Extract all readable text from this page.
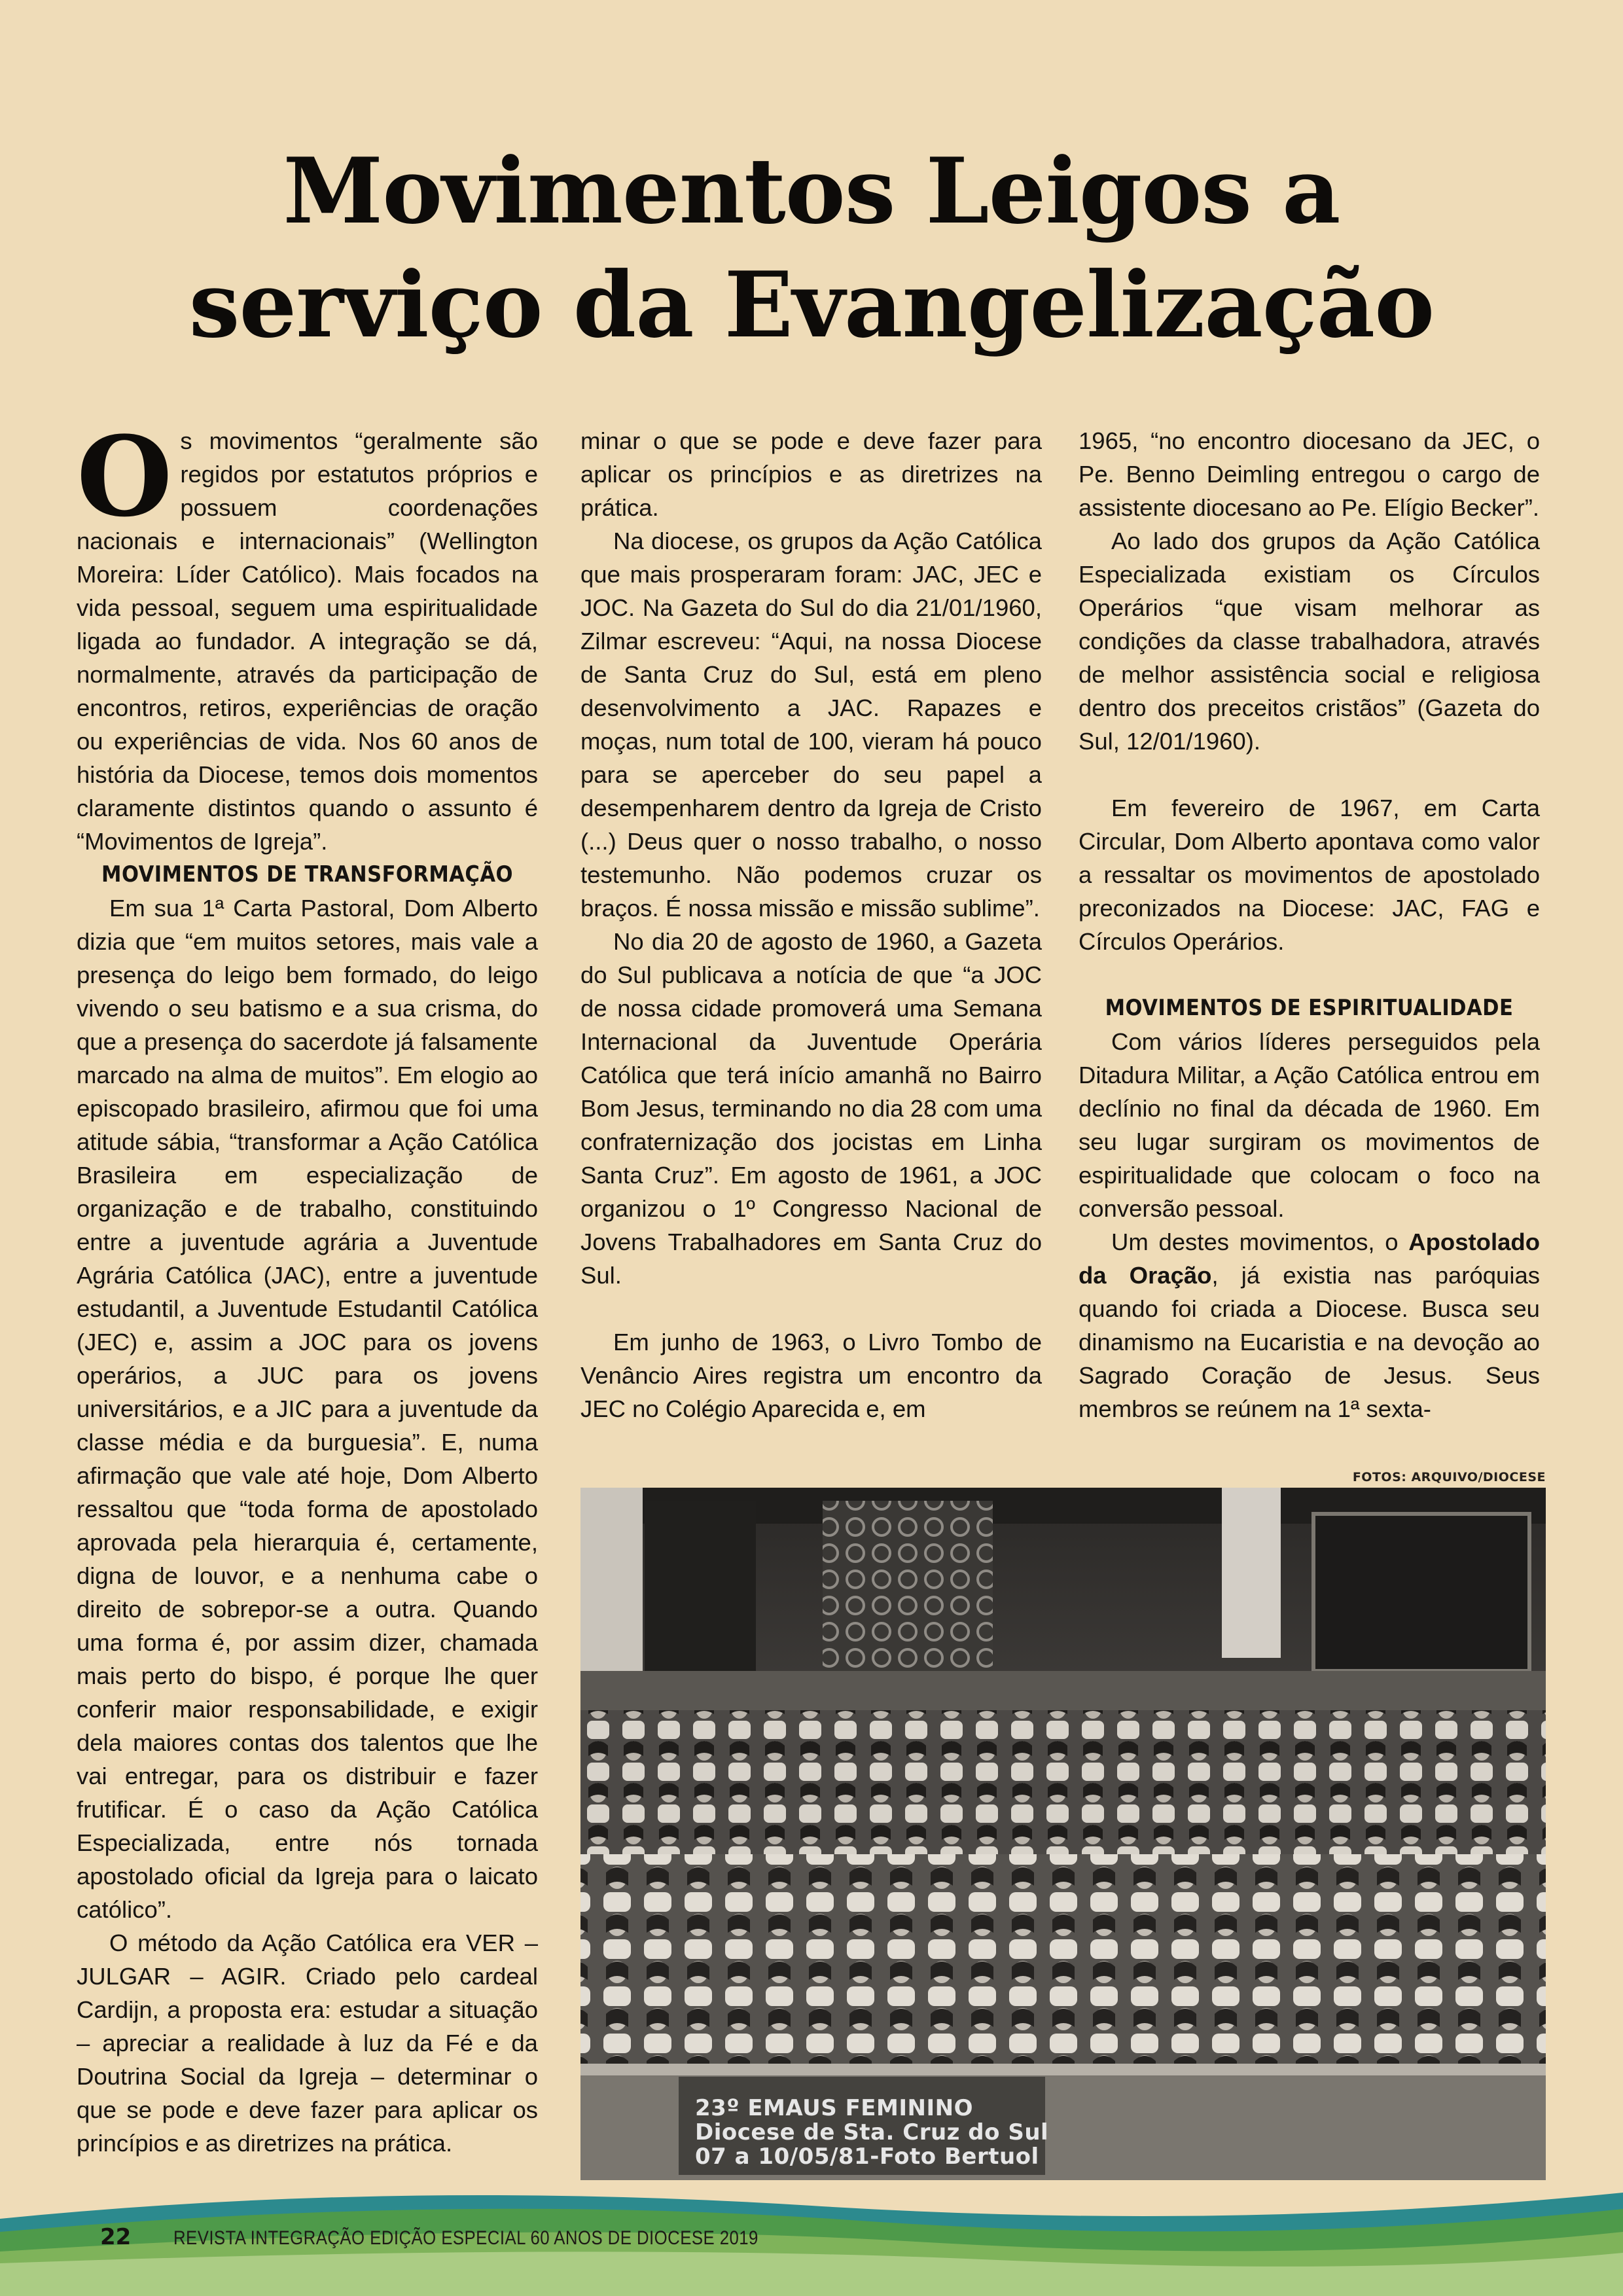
Movimentos Leigos a
serviço da Evangelização

Os movimentos “geralmente são regidos por estatutos próprios e possuem coordenações nacionais e internacionais” (Wellington Moreira: Líder Católico). Mais focados na vida pessoal, seguem uma espiritualidade ligada ao fundador. A integração se dá, normalmente, através da participação de encontros, retiros, experiências de oração ou experiências de vida. Nos 60 anos de história da Diocese, temos dois momentos claramente distintos quando o assunto é “Movimentos de Igreja”.

MOVIMENTOS DE TRANSFORMAÇÃO

Em sua 1ª Carta Pastoral, Dom Alberto dizia que “em muitos setores, mais vale a presença do leigo bem formado, do leigo vivendo o seu batismo e a sua crisma, do que a presença do sacerdote já falsamente marcado na alma de muitos”. Em elogio ao episcopado brasileiro, afirmou que foi uma atitude sábia, “transformar a Ação Católica Brasileira em especialização de organização e de trabalho, constituindo entre a juventude agrária a Juventude Agrária Católica (JAC), entre a juventude estudantil, a Juventude Estudantil Católica (JEC) e, assim a JOC para os jovens operários, a JUC para os jovens universitários, e a JIC para a juventude da classe média e da burguesia”. E, numa afirmação que vale até hoje, Dom Alberto ressaltou que “toda forma de apostolado aprovada pela hierarquia é, certamente, digna de louvor, e a nenhuma cabe o direito de sobrepor-se a outra. Quando uma forma é, por assim dizer, chamada mais perto do bispo, é porque lhe quer conferir maior responsabilidade, e exigir dela maiores contas dos talentos que lhe vai entregar, para os distribuir e fazer frutificar. É o caso da Ação Católica Especializada, entre nós tornada apostolado oficial da Igreja para o laicato católico”.

O método da Ação Católica era VER – JULGAR – AGIR. Criado pelo cardeal Cardijn, a proposta era: estudar a situação – apreciar a realidade à luz da Fé e da Doutrina Social da Igreja – determinar o que se pode e deve fazer para aplicar os princípios e as diretrizes na prática.

minar o que se pode e deve fazer para aplicar os princípios e as diretrizes na prática.

Na diocese, os grupos da Ação Católica que mais prosperaram foram: JAC, JEC e JOC. Na Gazeta do Sul do dia 21/01/1960, Zilmar escreveu: “Aqui, na nossa Diocese de Santa Cruz do Sul, está em pleno desenvolvimento a JAC. Rapazes e moças, num total de 100, vieram há pouco para se aperceber do seu papel a desempenharem dentro da Igreja de Cristo (...) Deus quer o nosso trabalho, o nosso testemunho. Não podemos cruzar os braços. É nossa missão e missão sublime”.

No dia 20 de agosto de 1960, a Gazeta do Sul publicava a notícia de que “a JOC de nossa cidade promoverá uma Semana Internacional da Juventude Operária Católica que terá início amanhã no Bairro Bom Jesus, terminando no dia 28 com uma confraternização dos jocistas em Linha Santa Cruz”. Em agosto de 1961, a JOC organizou o 1º Congresso Nacional de Jovens Trabalhadores em Santa Cruz do Sul.

Em junho de 1963, o Livro Tombo de Venâncio Aires registra um encontro da JEC no Colégio Aparecida e, em

1965, “no encontro diocesano da JEC, o Pe. Benno Deimling entregou o cargo de assistente diocesano ao Pe. Elígio Becker”.

Ao lado dos grupos da Ação Católica Especializada existiam os Círculos Operários “que visam melhorar as condições da classe trabalhadora, através de melhor assistência social e religiosa dentro dos preceitos cristãos” (Gazeta do Sul, 12/01/1960).

Em fevereiro de 1967, em Carta Circular, Dom Alberto apontava como valor a ressaltar os movimentos de apostolado preconizados na Diocese: JAC, FAG e Círculos Operários.

MOVIMENTOS DE ESPIRITUALIDADE

Com vários líderes perseguidos pela Ditadura Militar, a Ação Católica entrou em declínio no final da década de 1960. Em seu lugar surgiram os movimentos de espiritualidade que colocam o foco na conversão pessoal.

Um destes movimentos, o Apostolado da Oração, já existia nas paróquias quando foi criada a Diocese. Busca seu dinamismo na Eucaristia e na devoção ao Sagrado Coração de Jesus. Seus membros se reúnem na 1ª sexta-

FOTOS: ARQUIVO/DIOCESE
23º EMAUS FEMININO
Diocese de Sta. Cruz do Sul
07 a 10/05/81-Foto Bertuol
22 REVISTA INTEGRAÇÃO EDIÇÃO ESPECIAL 60 ANOS DE DIOCESE 2019
